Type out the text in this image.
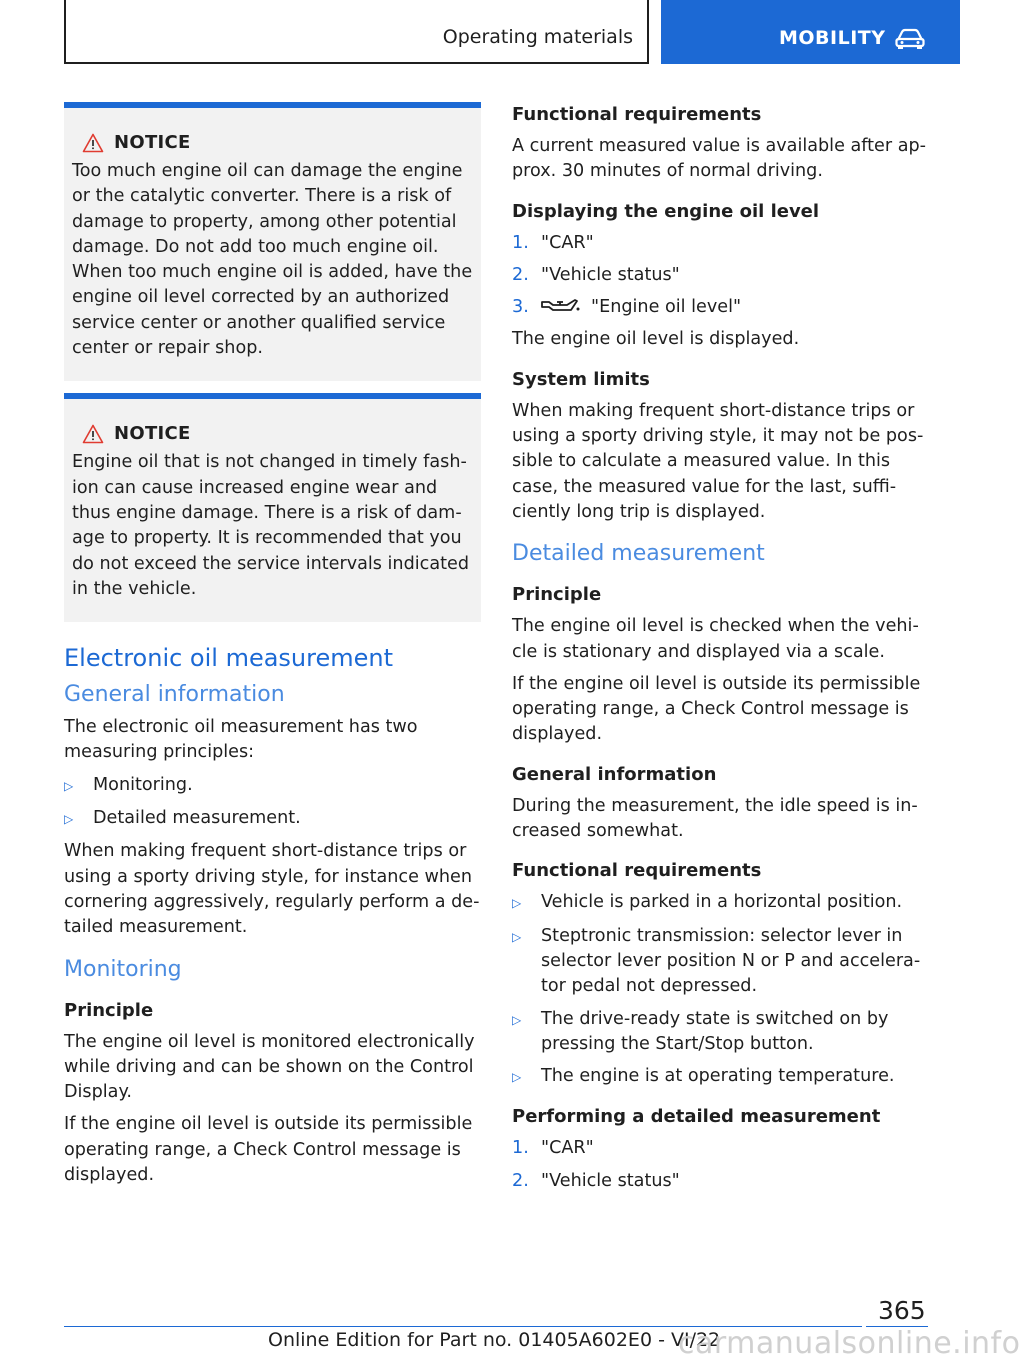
Operating materials	MOBILITY
NOTICE

Too much engine oil can damage the engine or the catalytic converter. There is a risk of damage to property, among other potential damage. Do not add too much engine oil. When too much engine oil is added, have the engine oil level corrected by an authorized service center or another qualified service center or repair shop.

NOTICE

Engine oil that is not changed in timely fashion can cause increased engine wear and thus engine damage. There is a risk of damage to property. It is recommended that you do not exceed the service intervals indicated in the vehicle.

Electronic oil measurement
General information

The electronic oil measurement has two measuring principles:

▷	Monitoring.
▷	Detailed measurement.

When making frequent short-distance trips or using a sporty driving style, for instance when cornering aggressively, regularly perform a detailed measurement.

Monitoring
Principle

The engine oil level is monitored electronically while driving and can be shown on the Control Display.

If the engine oil level is outside its permissible operating range, a Check Control message is displayed.

Functional requirements

A current measured value is available after approx. 30 minutes of normal driving.

Displaying the engine oil level
1. "CAR"
2. "Vehicle status"
3.	"Engine oil level"

The engine oil level is displayed.

System limits

When making frequent short-distance trips or using a sporty driving style, it may not be possible to calculate a measured value. In this case, the measured value for the last, sufficiently long trip is displayed.

Detailed measurement
Principle

The engine oil level is checked when the vehicle is stationary and displayed via a scale.

If the engine oil level is outside its permissible operating range, a Check Control message is displayed.

General information

During the measurement, the idle speed is increased somewhat.

Functional requirements
▷	Vehicle is parked in a horizontal position.
▷	Steptronic transmission: selector lever in selector lever position N or P and accelerator pedal not depressed.
▷	The drive-ready state is switched on by pressing the Start/Stop button.
▷	The engine is at operating temperature.
Performing a detailed measurement
1. "CAR"
2. "Vehicle status"
365
Online Edition for Part no. 01405A602E0 - VI/22
carmanualsonline.info
